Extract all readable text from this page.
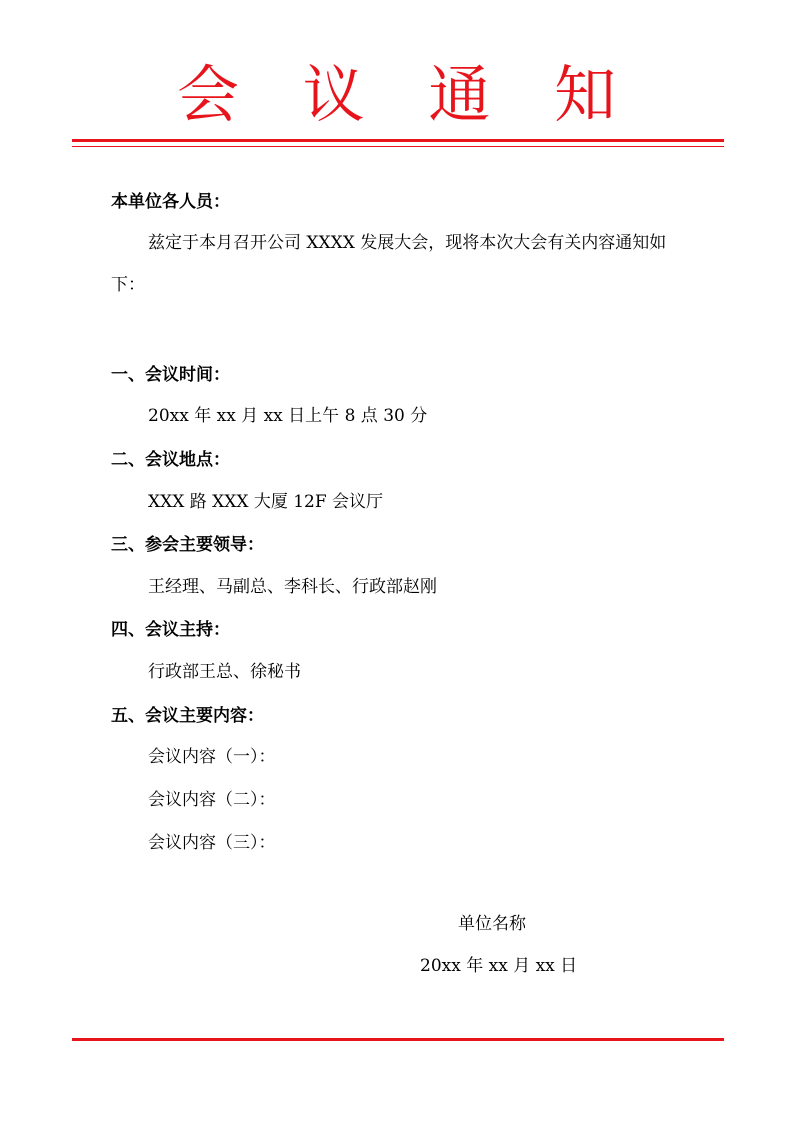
会 议 通 知
本单位各人员：
兹定于本月召开公司 XXXX 发展大会，现将本次大会有关内容通知如
下：
一、会议时间：
20xx 年 xx 月 xx 日上午 8 点 30 分
二、会议地点：
XXX 路 XXX 大厦 12F 会议厅
三、参会主要领导：
王经理、马副总、李科长、行政部赵刚
四、会议主持：
行政部王总、徐秘书
五、会议主要内容：
会议内容（一）：
会议内容（二）：
会议内容（三）：
单位名称
20xx 年 xx 月 xx 日
